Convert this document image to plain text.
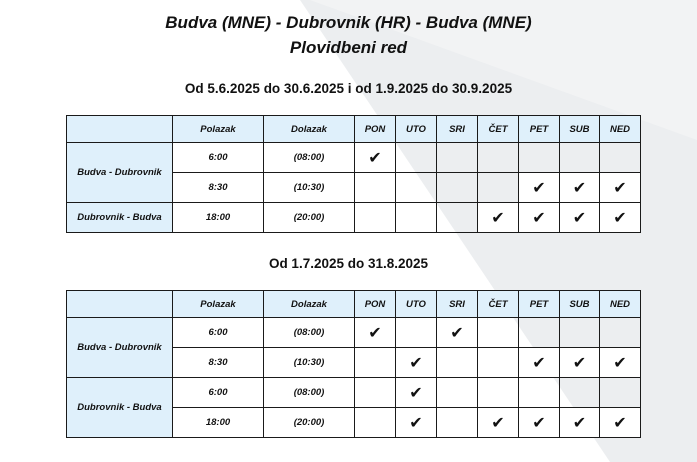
Budva (MNE) - Dubrovnik (HR) - Budva (MNE)
Plovidbeni red
Od 5.6.2025 do 30.6.2025 i od 1.9.2025 do 30.9.2025
	Polazak	Dolazak	PON	UTO	SRI	ČET	PET	SUB	NED
Budva - Dubrovnik	6:00	(08:00)	✔						
	8:30	(10:30)					✔	✔	✔
Dubrovnik - Budva	18:00	(20:00)				✔	✔	✔	✔
Od 1.7.2025 do 31.8.2025
	Polazak	Dolazak	PON	UTO	SRI	ČET	PET	SUB	NED
Budva - Dubrovnik	6:00	(08:00)	✔		✔				
	8:30	(10:30)		✔			✔	✔	✔
Dubrovnik - Budva	6:00	(08:00)		✔					
	18:00	(20:00)		✔		✔	✔	✔	✔
